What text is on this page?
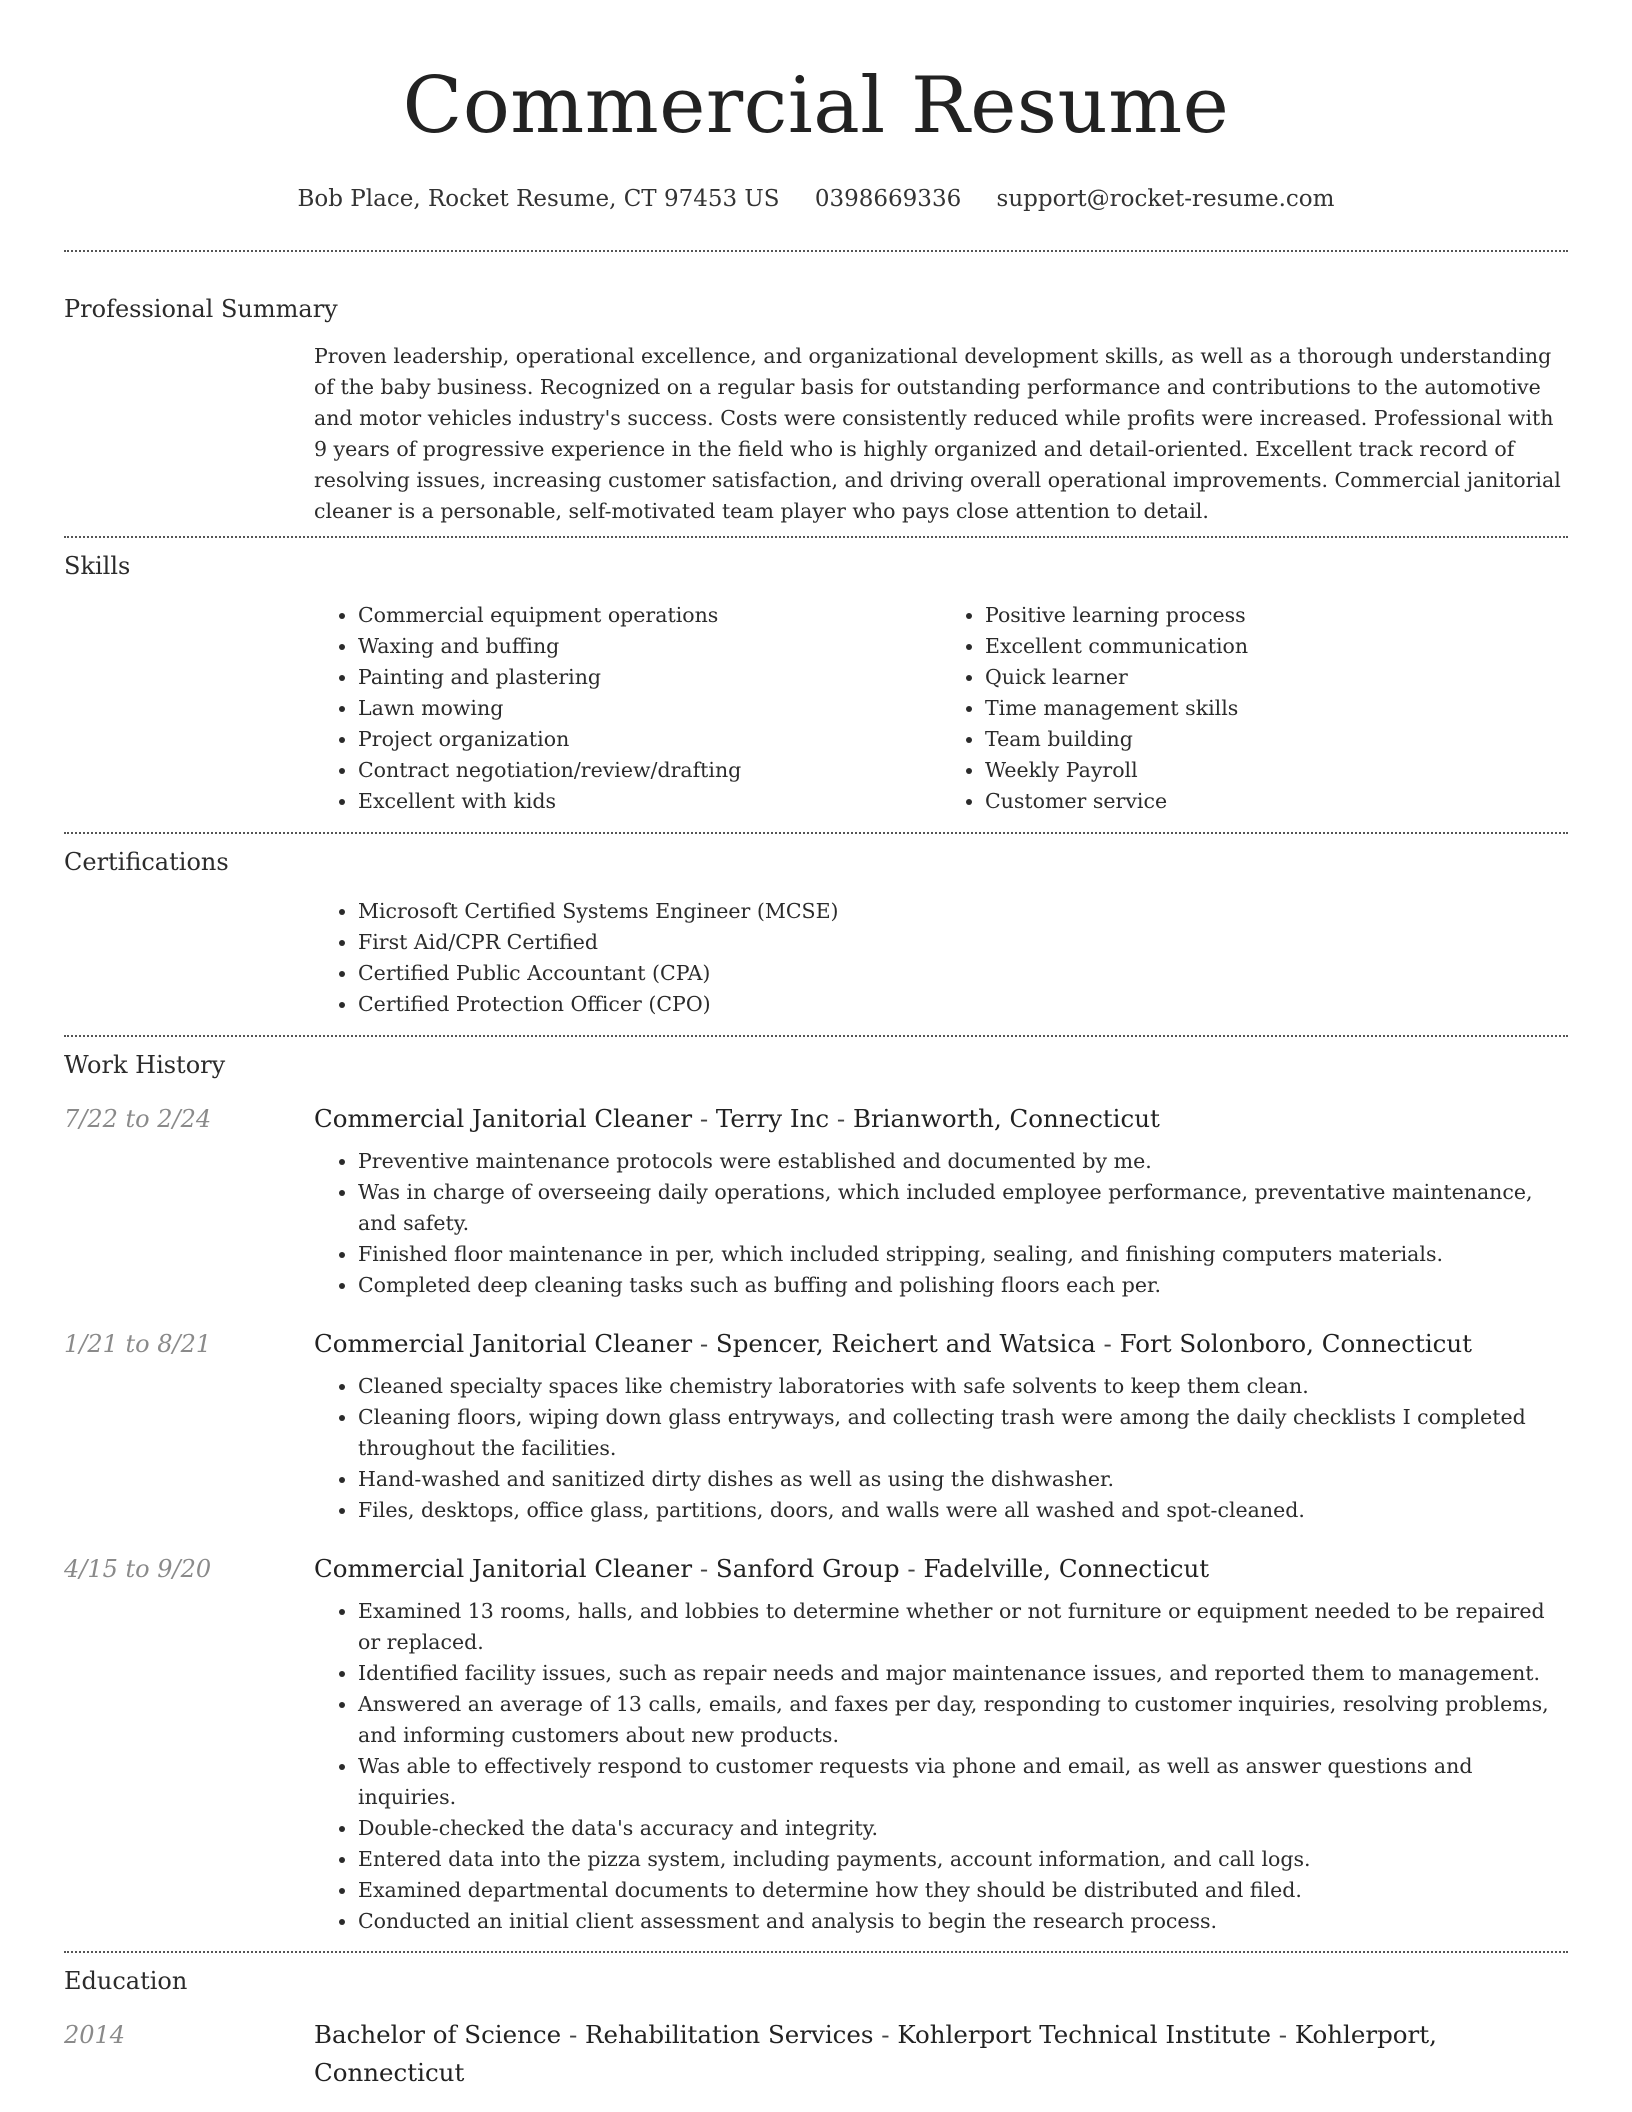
Commercial Resume
Bob Place, Rocket Resume, CT 97453 US 0398669336 support@rocket-resume.com
Professional Summary

Proven leadership, operational excellence, and organizational development skills, as well as a thorough understanding of the baby business. Recognized on a regular basis for outstanding performance and contributions to the automotive and motor vehicles industry's success. Costs were consistently reduced while profits were increased. Professional with 9 years of progressive experience in the field who is highly organized and detail-oriented. Excellent track record of resolving issues, increasing customer satisfaction, and driving overall operational improvements. Commercial janitorial cleaner is a personable, self-motivated team player who pays close attention to detail.

Skills
• Commercial equipment operations
• Waxing and buffing
• Painting and plastering
• Lawn mowing
• Project organization
• Contract negotiation/review/drafting
• Excellent with kids
• Positive learning process
• Excellent communication
• Quick learner
• Time management skills
• Team building
• Weekly Payroll
• Customer service
Certifications
• Microsoft Certified Systems Engineer (MCSE)
• First Aid/CPR Certified
• Certified Public Accountant (CPA)
• Certified Protection Officer (CPO)
Work History
7/22 to 2/24	Commercial Janitorial Cleaner - Terry Inc - Brianworth, Connecticut
• Preventive maintenance protocols were established and documented by me.
• Was in charge of overseeing daily operations, which included employee performance, preventative maintenance, and safety.
• Finished floor maintenance in per, which included stripping, sealing, and finishing computers materials.
• Completed deep cleaning tasks such as buffing and polishing floors each per.
1/21 to 8/21	Commercial Janitorial Cleaner - Spencer, Reichert and Watsica - Fort Solonboro, Connecticut
• Cleaned specialty spaces like chemistry laboratories with safe solvents to keep them clean.
• Cleaning floors, wiping down glass entryways, and collecting trash were among the daily checklists I completed throughout the facilities.
• Hand-washed and sanitized dirty dishes as well as using the dishwasher.
• Files, desktops, office glass, partitions, doors, and walls were all washed and spot-cleaned.
4/15 to 9/20	Commercial Janitorial Cleaner - Sanford Group - Fadelville, Connecticut
• Examined 13 rooms, halls, and lobbies to determine whether or not furniture or equipment needed to be repaired or replaced.
• Identified facility issues, such as repair needs and major maintenance issues, and reported them to management.
• Answered an average of 13 calls, emails, and faxes per day, responding to customer inquiries, resolving problems, and informing customers about new products.
• Was able to effectively respond to customer requests via phone and email, as well as answer questions and inquiries.
• Double-checked the data's accuracy and integrity.
• Entered data into the pizza system, including payments, account information, and call logs.
• Examined departmental documents to determine how they should be distributed and filed.
• Conducted an initial client assessment and analysis to begin the research process.
Education
2014	Bachelor of Science - Rehabilitation Services - Kohlerport Technical Institute - Kohlerport, Connecticut
